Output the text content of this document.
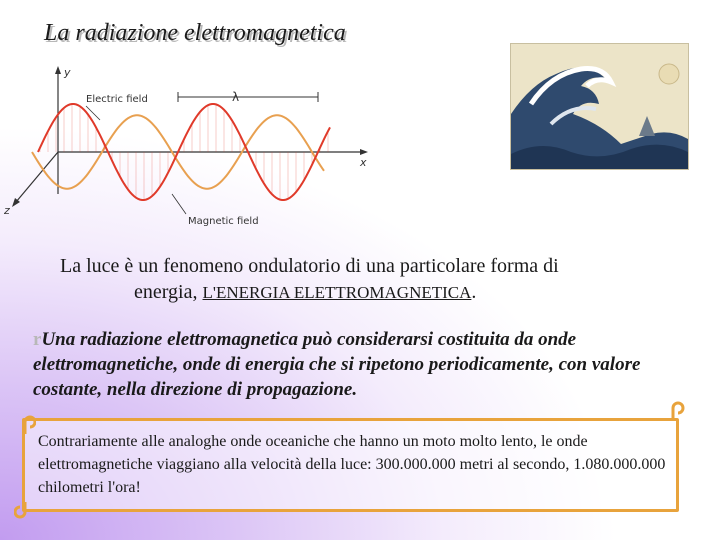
La radiazione elettromagnetica
y
x
z
λ
Electric field
Magnetic field
La luce è un fenomeno ondulatorio di una particolare forma di
energia, L'ENERGIA ELETTROMAGNETICA.
rUna radiazione elettromagnetica può considerarsi costituita da onde elettromagnetiche, onde di energia che si ripetono periodicamente, con valore costante, nella direzione di propagazione.
Contrariamente alle analoghe onde oceaniche che hanno un moto molto lento, le onde elettromagnetiche viaggiano alla velocità della luce: 300.000.000 metri al secondo, 1.080.000.000 chilometri l'ora!
